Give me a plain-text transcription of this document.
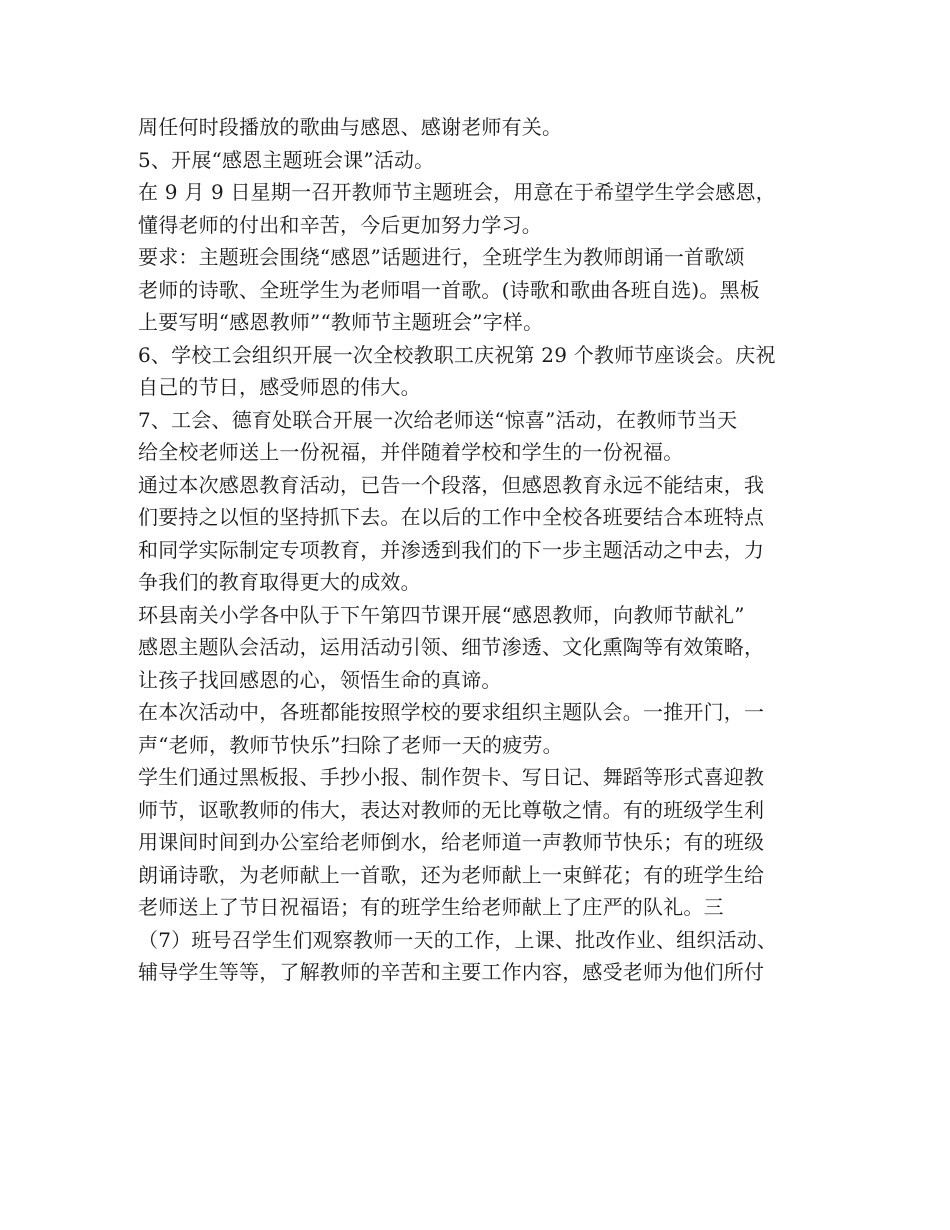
周任何时段播放的歌曲与感恩、感谢老师有关。
5、开展“感恩主题班会课”活动。
在 9 月 9 日星期一召开教师节主题班会，用意在于希望学生学会感恩，
懂得老师的付出和辛苦，今后更加努力学习。
要求：主题班会围绕“感恩”话题进行，全班学生为教师朗诵一首歌颂
老师的诗歌、全班学生为老师唱一首歌。(诗歌和歌曲各班自选)。黑板
上要写明“感恩教师”“教师节主题班会”字样。
6、学校工会组织开展一次全校教职工庆祝第 29 个教师节座谈会。庆祝
自己的节日，感受师恩的伟大。
7、工会、德育处联合开展一次给老师送“惊喜”活动，在教师节当天
给全校老师送上一份祝福，并伴随着学校和学生的一份祝福。
通过本次感恩教育活动，已告一个段落，但感恩教育永远不能结束，我
们要持之以恒的坚持抓下去。在以后的工作中全校各班要结合本班特点
和同学实际制定专项教育，并渗透到我们的下一步主题活动之中去，力
争我们的教育取得更大的成效。
环县南关小学各中队于下午第四节课开展“感恩教师，向教师节献礼”
感恩主题队会活动，运用活动引领、细节渗透、文化熏陶等有效策略，
让孩子找回感恩的心，领悟生命的真谛。
在本次活动中，各班都能按照学校的要求组织主题队会。一推开门，一
声“老师，教师节快乐”扫除了老师一天的疲劳。
学生们通过黑板报、手抄小报、制作贺卡、写日记、舞蹈等形式喜迎教
师节，讴歌教师的伟大，表达对教师的无比尊敬之情。有的班级学生利
用课间时间到办公室给老师倒水，给老师道一声教师节快乐；有的班级
朗诵诗歌，为老师献上一首歌，还为老师献上一束鲜花；有的班学生给
老师送上了节日祝福语；有的班学生给老师献上了庄严的队礼。三
（7）班号召学生们观察教师一天的工作，上课、批改作业、组织活动、
辅导学生等等，了解教师的辛苦和主要工作内容，感受老师为他们所付
